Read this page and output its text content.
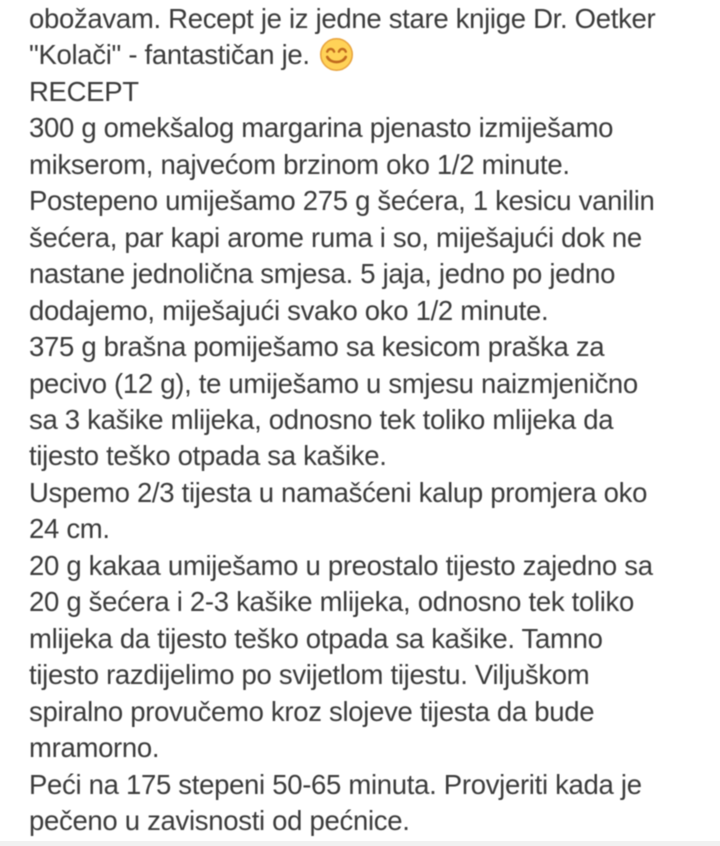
obožavam. Recept je iz jedne stare knjige Dr. Oetker
"Kolači" - fantastičan je.
RECEPT
300 g omekšalog margarina pjenasto izmiješamo
mikserom, najvećom brzinom oko 1/2 minute.
Postepeno umiješamo 275 g šećera, 1 kesicu vanilin
šećera, par kapi arome ruma i so, miješajući dok ne
nastane jednolična smjesa. 5 jaja, jedno po jedno
dodajemo, miješajući svako oko 1/2 minute.
375 g brašna pomiješamo sa kesicom praška za
pecivo (12 g), te umiješamo u smjesu naizmjenično
sa 3 kašike mlijeka, odnosno tek toliko mlijeka da
tijesto teško otpada sa kašike.
Uspemo 2/3 tijesta u namašćeni kalup promjera oko
24 cm.
20 g kakaa umiješamo u preostalo tijesto zajedno sa
20 g šećera i 2-3 kašike mlijeka, odnosno tek toliko
mlijeka da tijesto teško otpada sa kašike. Tamno
tijesto razdijelimo po svijetlom tijestu. Viljuškom
spiralno provučemo kroz slojeve tijesta da bude
mramorno.
Peći na 175 stepeni 50-65 minuta. Provjeriti kada je
pečeno u zavisnosti od pećnice.
